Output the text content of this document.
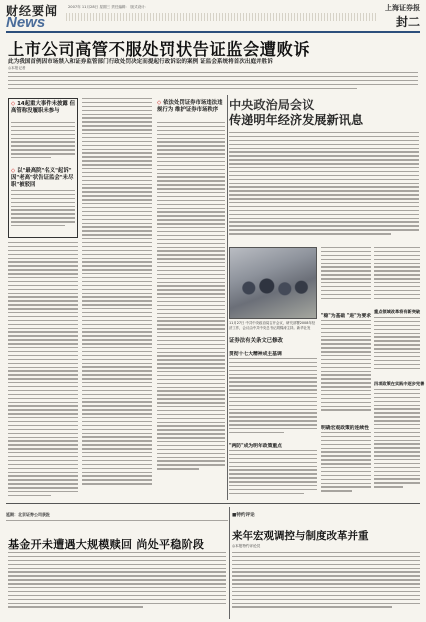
财经要闻
News
2007年 11月28日 星期三 责任编辑： 版式设计：	上海证券报
封二
上市公司高管不服处罚状告证监会遭败诉
此为我国首例因市场禁入和证券监管部门行政处罚决定而提起行政诉讼的案例 证监会系统将首次出庭并胜诉
◎本报记者
◇ 14起重大事件未披露 但高管称没履职未参与
◇ 以"最高院"名义"起诉" 因"老高"状告证监会"未尽职"被驳回
◇ 依法处罚证券市场违法违规行为 维护证券市场秩序 中央政治局会议
传递明年经济发展新讯息
证券法有关条文已修改
11月27日 中共中央政治局召开会议，研究部署2008年经济工作，会议由中共中央总书记胡锦涛主持。新华社发
贯彻十七大精神成主基调
"两防"成为明年政策重点
"稳"为基础 "进"为要求
明确宏观政策的连续性
重点领域改革将有新突破
四项政策在实践中逐步完善
延期：北京证券公司获批
基金开未遭遇大规模赎回 尚处平稳阶段
■特约评论
来年宏观调控与制度改革并重
◎本报特约评论员
